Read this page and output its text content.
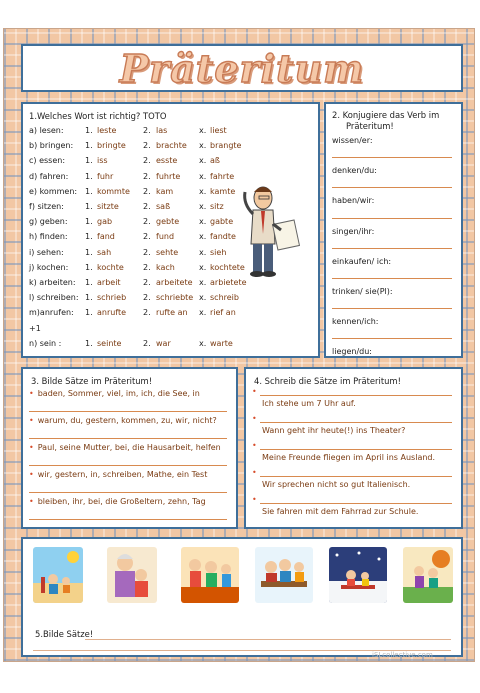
Präteritum
1.Welches Wort ist richtig? TOTO
a) lesen:	1. leste	2. las	x. liest
b) bringen: 1. bringte 2. brachte x. brangte
c) essen: 1. iss	2. esste	x. aß
d) fahren: 1. fuhr	2. fuhrte x. fahrte
e) kommen: 1. kommte 2. kam	x. kamte
f) sitzen:	1. sitzte	2. saß	x. sitz
g) geben: 1. gab	2. gebte x. gabte
h) finden: 1. fand	2. fund	x. fandte
i) sehen:	1. sah	2. sehte	x. sieh
j) kochen: 1. kochte 2. kach	x. kochtete
k) arbeiten: 1. arbeit	2. arbeitete x. arbietete
l) schreiben: 1. schrieb 2. schriebte x. schreib
m)anrufen: 1. anrufte 2. rufte an x. rief an
+1
n) sein :	1. seinte	2. war	x. warte
2. Konjugiere das Verb im
Präteritum!
wissen/er:
denken/du:
haben/wir:
singen/ihr:
einkaufen/ ich:
trinken/ sie(Pl):
kennen/ich:
liegen/du:
3. Bilde Sätze im Präteritum!
• baden, Sommer, viel, im, ich, die See, in
• warum, du, gestern, kommen, zu, wir, nicht?
• Paul, seine Mutter, bei, die Hausarbeit, helfen
• wir, gestern, in, schreiben, Mathe, ein Test
• bleiben, ihr, bei, die Großeltern, zehn, Tag
4. Schreib die Sätze im Präteritum!
•
Ich stehe um 7 Uhr auf.
•
Wann geht ihr heute(!) ins Theater?
•
Meine Freunde fliegen im April ins Ausland.
•
Wir sprechen nicht so gut Italienisch.
•
Sie fahren mit dem Fahrrad zur Schule.
5.Bilde Sätze!
iSLcollective.com
